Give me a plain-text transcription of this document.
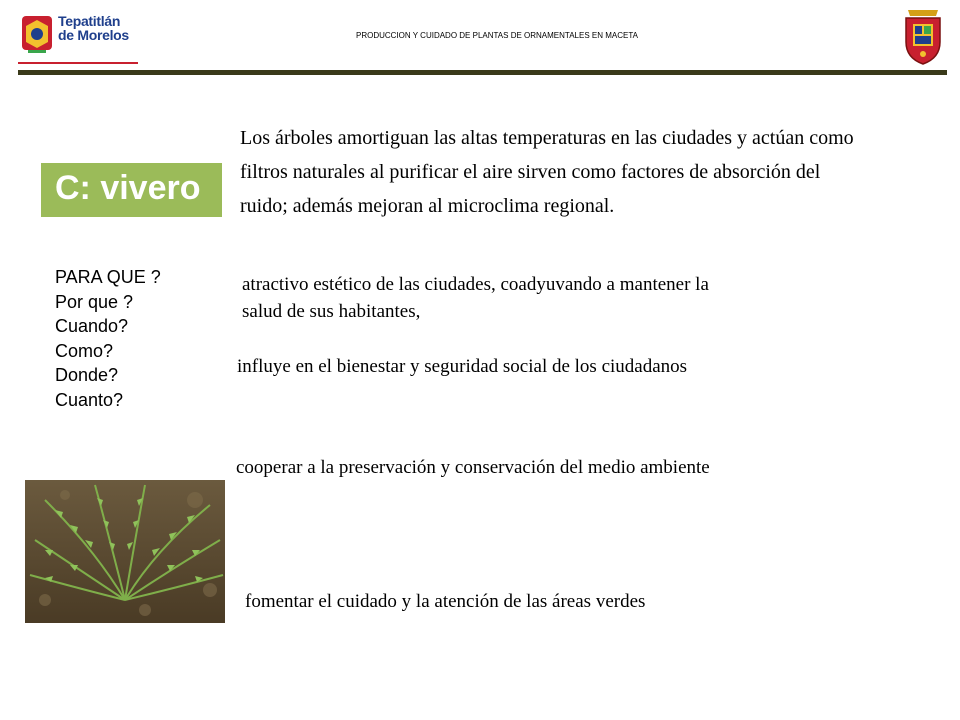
Tepatitlán
de Morelos	PRODUCCION Y CUIDADO DE PLANTAS DE ORNAMENTALES EN MACETA
C: vivero
PARA QUE ?
Por que ?
Cuando?
Como?
Donde?
Cuanto?
Los árboles amortiguan las altas temperaturas en las ciudades y actúan como filtros naturales al purificar el aire sirven como factores de absorción del ruido; además mejoran al microclima regional.
atractivo estético de las ciudades, coadyuvando a mantener la salud de sus habitantes,
influye en el bienestar y seguridad social de los ciudadanos
cooperar a la preservación y conservación del medio ambiente
fomentar el cuidado y la atención de las áreas verdes
